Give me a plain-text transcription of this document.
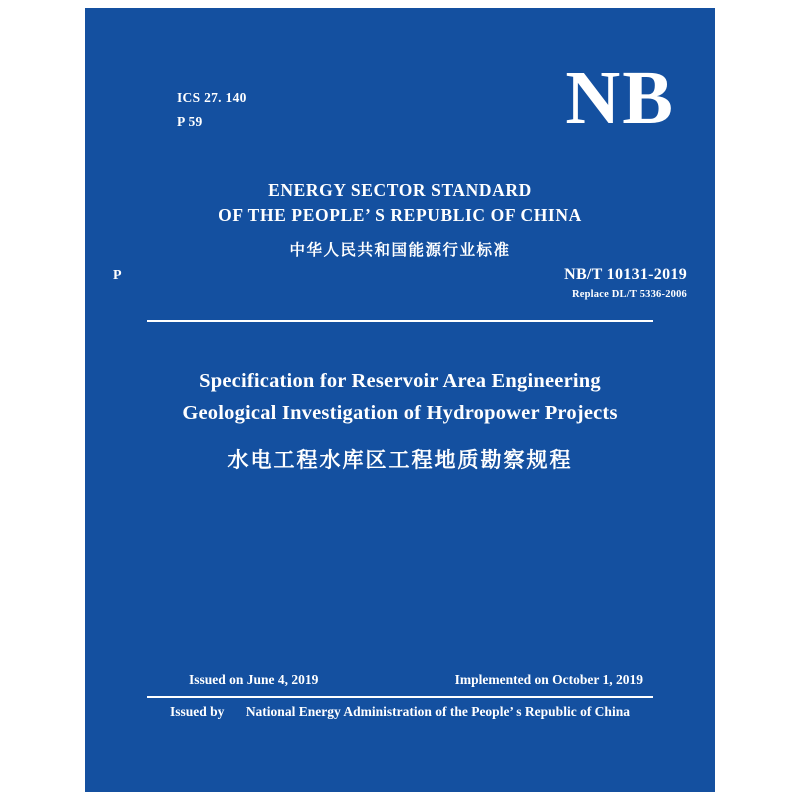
ICS 27. 140
P 59	NB
ENERGY SECTOR STANDARD
OF THE PEOPLE’ S REPUBLIC OF CHINA
中华人民共和国能源行业标准
P	NB/T 10131-2019
Replace DL/T 5336-2006
Specification for Reservoir Area Engineering
Geological Investigation of Hydropower Projects
水电工程水库区工程地质勘察规程
Issued on June 4, 2019	Implemented on October 1, 2019
Issued by National Energy Administration of the People’ s Republic of China
